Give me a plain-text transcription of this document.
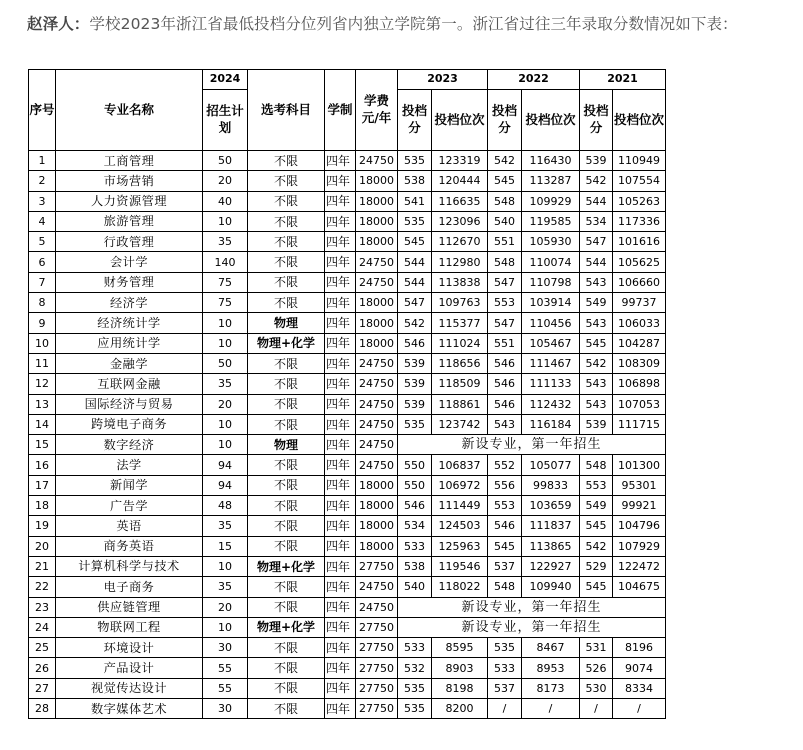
赵泽人：学校2023年浙江省最低投档分位列省内独立学院第一。浙江省过往三年录取分数情况如下表：
序号	专业名称	2024	选考科目	学制	学费元/年	2023		2022		2021	
		招生计划				投档分	投档位次	投档分	投档位次	投档分	投档位次
1	工商管理	50	不限	四年	24750	535	123319	542	116430	539	110949
2	市场营销	20	不限	四年	18000	538	120444	545	113287	542	107554
3	人力资源管理	40	不限	四年	18000	541	116635	548	109929	544	105263
4	旅游管理	10	不限	四年	18000	535	123096	540	119585	534	117336
5	行政管理	35	不限	四年	18000	545	112670	551	105930	547	101616
6	会计学	140	不限	四年	24750	544	112980	548	110074	544	105625
7	财务管理	75	不限	四年	24750	544	113838	547	110798	543	106660
8	经济学	75	不限	四年	18000	547	109763	553	103914	549	99737
9	经济统计学	10	物理	四年	18000	542	115377	547	110456	543	106033
10	应用统计学	10	物理+化学	四年	18000	546	111024	551	105467	545	104287
11	金融学	50	不限	四年	24750	539	118656	546	111467	542	108309
12	互联网金融	35	不限	四年	24750	539	118509	546	111133	543	106898
13	国际经济与贸易	20	不限	四年	24750	539	118861	546	112432	543	107053
14	跨境电子商务	10	不限	四年	24750	535	123742	543	116184	539	111715
15	数字经济	10	物理	四年	24750	新设专业，第一年招生					
16	法学	94	不限	四年	24750	550	106837	552	105077	548	101300
17	新闻学	94	不限	四年	18000	550	106972	556	99833	553	95301
18	广告学	48	不限	四年	18000	546	111449	553	103659	549	99921
19	英语	35	不限	四年	18000	534	124503	546	111837	545	104796
20	商务英语	15	不限	四年	18000	533	125963	545	113865	542	107929
21	计算机科学与技术	10	物理+化学	四年	27750	538	119546	537	122927	529	122472
22	电子商务	35	不限	四年	24750	540	118022	548	109940	545	104675
23	供应链管理	20	不限	四年	24750	新设专业，第一年招生					
24	物联网工程	10	物理+化学	四年	27750	新设专业，第一年招生					
25	环境设计	30	不限	四年	27750	533	8595	535	8467	531	8196
26	产品设计	55	不限	四年	27750	532	8903	533	8953	526	9074
27	视觉传达设计	55	不限	四年	27750	535	8198	537	8173	530	8334
28	数字媒体艺术	30	不限	四年	27750	535	8200	/	/	/	/
